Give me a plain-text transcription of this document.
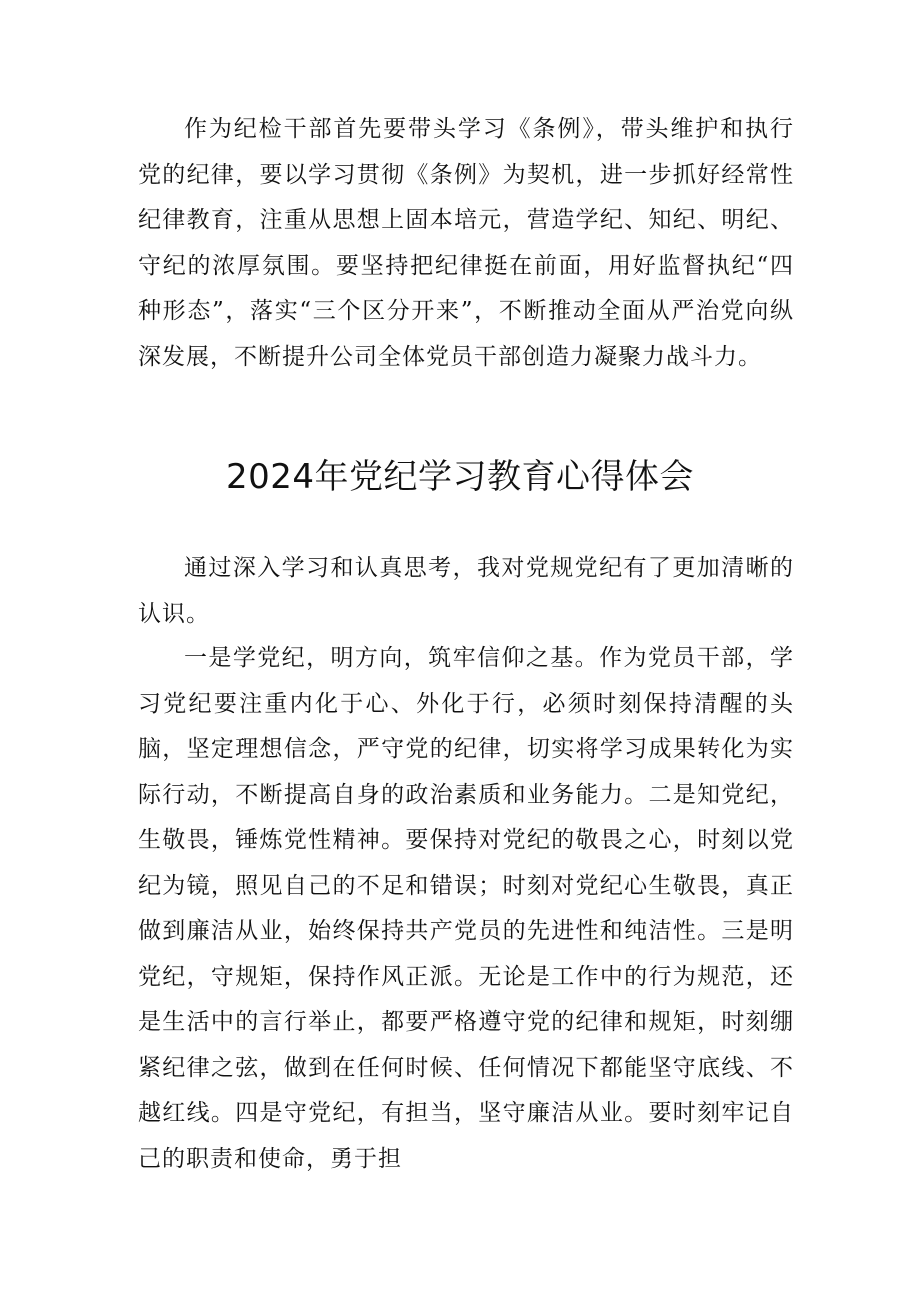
作为纪检干部首先要带头学习《条例》，带头维护和执行党的纪律，要以学习贯彻《条例》为契机，进一步抓好经常性纪律教育，注重从思想上固本培元，营造学纪、知纪、明纪、守纪的浓厚氛围。要坚持把纪律挺在前面，用好监督执纪“四种形态”，落实“三个区分开来”，不断推动全面从严治党向纵深发展，不断提升公司全体党员干部创造力凝聚力战斗力。

2024年党纪学习教育心得体会

通过深入学习和认真思考，我对党规党纪有了更加清晰的认识。

一是学党纪，明方向，筑牢信仰之基。作为党员干部，学习党纪要注重内化于心、外化于行，必须时刻保持清醒的头脑，坚定理想信念，严守党的纪律，切实将学习成果转化为实际行动，不断提高自身的政治素质和业务能力。二是知党纪，生敬畏，锤炼党性精神。要保持对党纪的敬畏之心，时刻以党纪为镜，照见自己的不足和错误；时刻对党纪心生敬畏，真正做到廉洁从业，始终保持共产党员的先进性和纯洁性。三是明党纪，守规矩，保持作风正派。无论是工作中的行为规范，还是生活中的言行举止，都要严格遵守党的纪律和规矩，时刻绷紧纪律之弦，做到在任何时候、任何情况下都能坚守底线、不越红线。四是守党纪，有担当，坚守廉洁从业。要时刻牢记自己的职责和使命，勇于担
